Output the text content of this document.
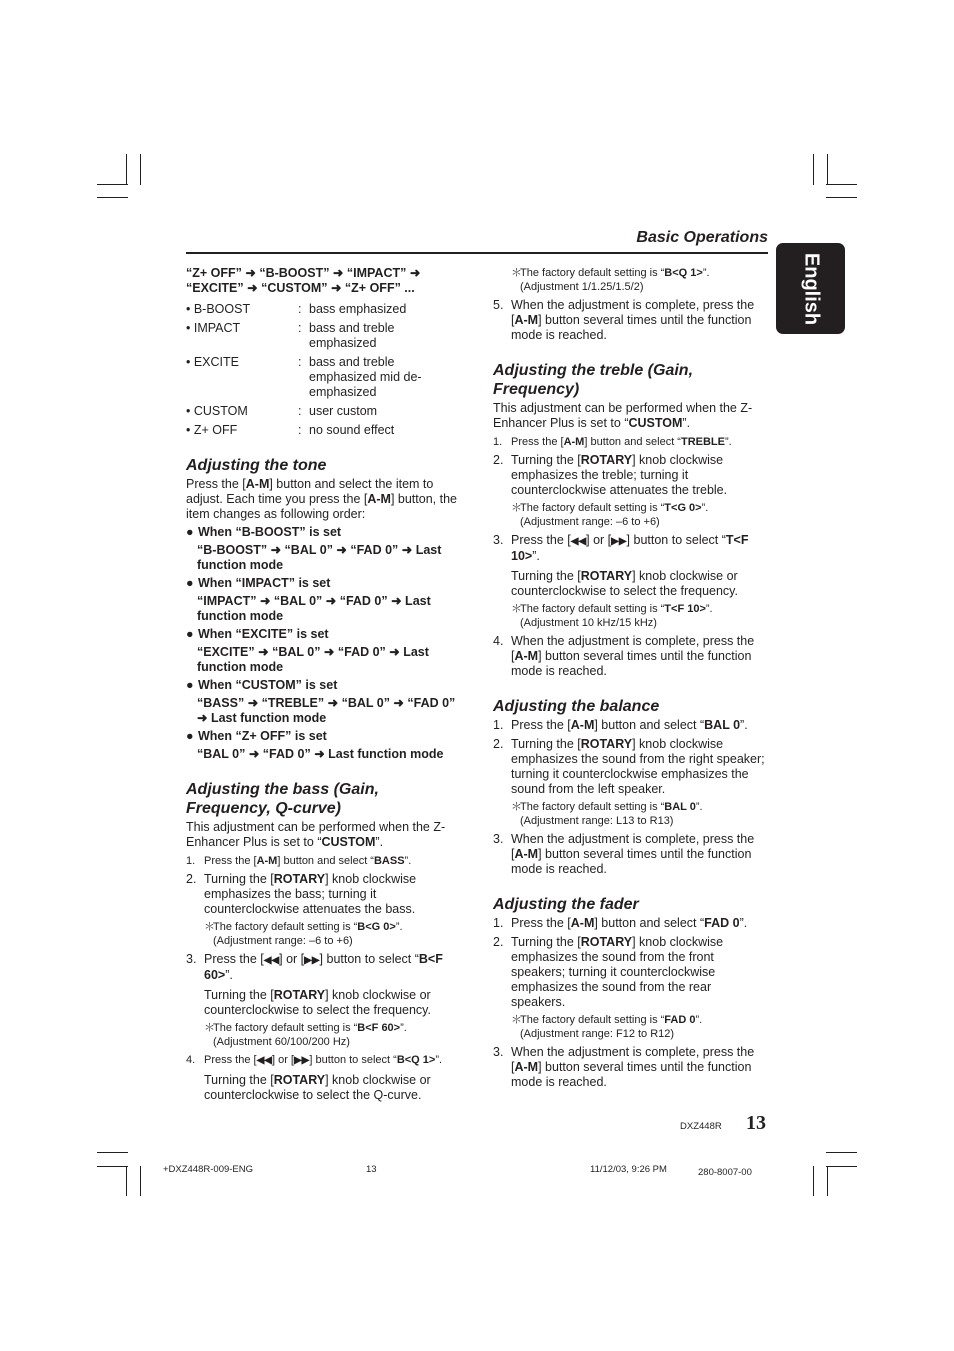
Basic Operations
English
“Z+ OFF” ➜ “B-BOOST” ➜ “IMPACT” ➜ “EXCITE” ➜ “CUSTOM” ➜ “Z+ OFF” ...
• B-BOOST	: bass emphasized
• IMPACT	: bass and treble emphasized
• EXCITE	: bass and treble emphasized mid de-emphasized
• CUSTOM	: user custom
• Z+ OFF	: no sound effect
Adjusting the tone

Press the [A-M] button and select the item to adjust. Each time you press the [A-M] button, the item changes as following order:

● When “B-BOOST” is set
“B-BOOST” ➜ “BAL 0” ➜ “FAD 0” ➜ Last function mode
● When “IMPACT” is set
“IMPACT” ➜ “BAL 0” ➜ “FAD 0” ➜ Last function mode
● When “EXCITE” is set
“EXCITE” ➜ “BAL 0” ➜ “FAD 0” ➜ Last function mode
● When “CUSTOM” is set
“BASS” ➜ “TREBLE” ➜ “BAL 0” ➜ “FAD 0” ➜ Last function mode
● When “Z+ OFF” is set
“BAL 0” ➜ “FAD 0” ➜ Last function mode
Adjusting the bass (Gain, Frequency, Q-curve)

This adjustment can be performed when the Z-Enhancer Plus is set to “CUSTOM”.

1. Press the [A-M] button and select “BASS”.
2. Turning the [ROTARY] knob clockwise emphasizes the bass; turning it counterclockwise attenuates the bass.
＊The factory default setting is “B<G 0>”.
(Adjustment range: –6 to +6)
3. Press the [◀◀] or [▶▶] button to select “B<F 60>”.

Turning the [ROTARY] knob clockwise or counterclockwise to select the frequency.

＊The factory default setting is “B<F 60>”.
(Adjustment 60/100/200 Hz)
4. Press the [◀◀] or [▶▶] button to select “B<Q 1>”.

Turning the [ROTARY] knob clockwise or counterclockwise to select the Q-curve.

＊The factory default setting is “B<Q 1>”.
(Adjustment 1/1.25/1.5/2)
5. When the adjustment is complete, press the [A-M] button several times until the function mode is reached.
Adjusting the treble (Gain, Frequency)

This adjustment can be performed when the Z-Enhancer Plus is set to “CUSTOM”.

1. Press the [A-M] button and select “TREBLE”.
2. Turning the [ROTARY] knob clockwise emphasizes the treble; turning it counterclockwise attenuates the treble.
＊The factory default setting is “T<G 0>”.
(Adjustment range: –6 to +6)
3. Press the [◀◀] or [▶▶] button to select “T<F 10>”.

Turning the [ROTARY] knob clockwise or counterclockwise to select the frequency.

＊The factory default setting is “T<F 10>”.
(Adjustment 10 kHz/15 kHz)
4. When the adjustment is complete, press the [A-M] button several times until the function mode is reached.
Adjusting the balance
1. Press the [A-M] button and select “BAL 0”.
2. Turning the [ROTARY] knob clockwise emphasizes the sound from the right speaker; turning it counterclockwise emphasizes the sound from the left speaker.
＊The factory default setting is “BAL 0”.
(Adjustment range: L13 to R13)
3. When the adjustment is complete, press the [A-M] button several times until the function mode is reached.
Adjusting the fader
1. Press the [A-M] button and select “FAD 0”.
2. Turning the [ROTARY] knob clockwise emphasizes the sound from the front speakers; turning it counterclockwise emphasizes the sound from the rear speakers.
＊The factory default setting is “FAD 0”.
(Adjustment range: F12 to R12)
3. When the adjustment is complete, press the [A-M] button several times until the function mode is reached.
DXZ448R 13
+DXZ448R-009-ENG	13	11/12/03, 9:26 PM	280-8007-00
